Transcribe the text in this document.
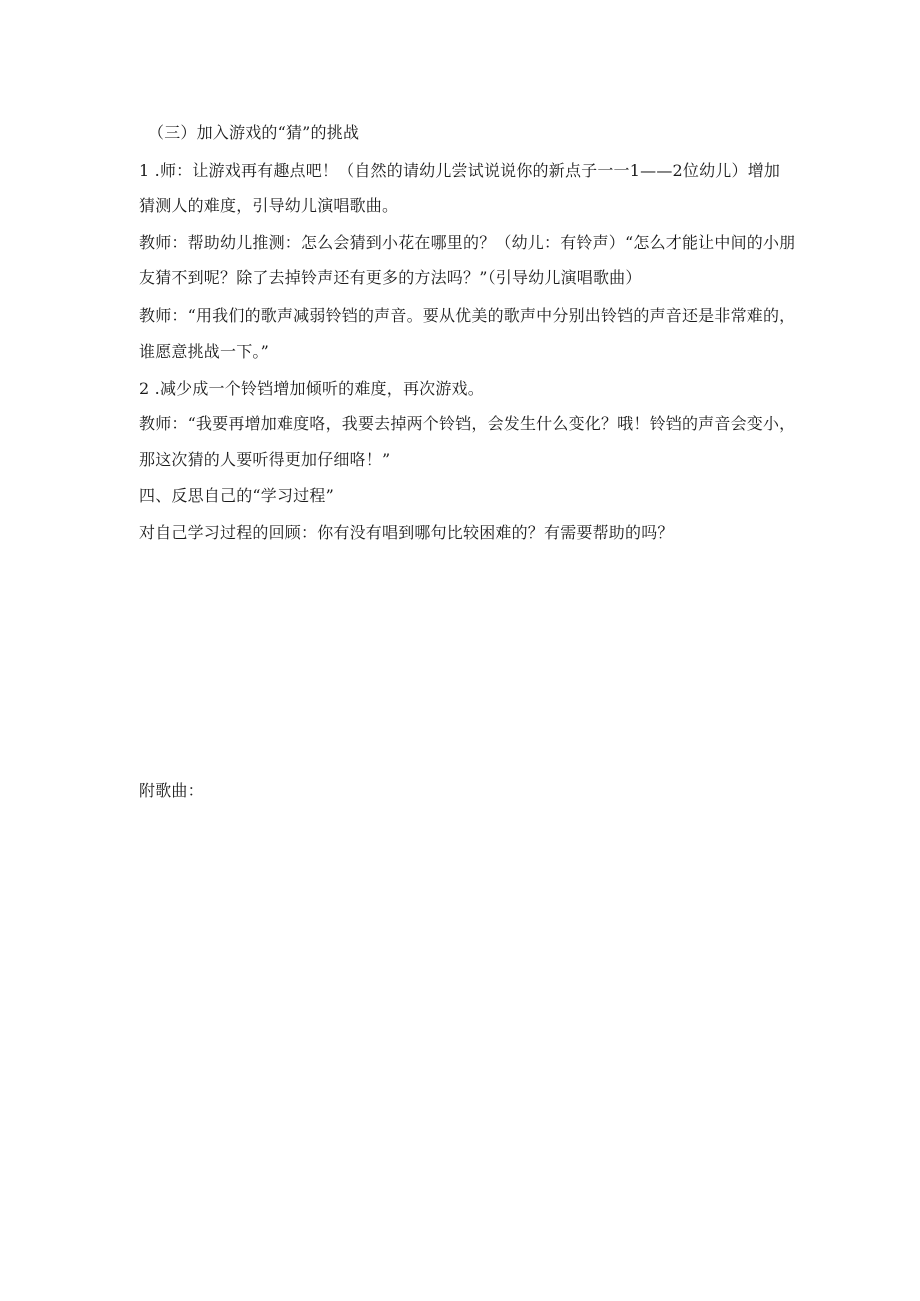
（三）加入游戏的“猜”的挑战
1 .师：让游戏再有趣点吧！（自然的请幼儿尝试说说你的新点子一一1——2位幼儿）增加
猜测人的难度，引导幼儿演唱歌曲。
教师：帮助幼儿推测：怎么会猜到小花在哪里的？（幼儿：有铃声）“怎么才能让中间的小朋
友猜不到呢？除了去掉铃声还有更多的方法吗？”（引导幼儿演唱歌曲）
教师：“用我们的歌声减弱铃铛的声音。要从优美的歌声中分别出铃铛的声音还是非常难的，
谁愿意挑战一下。”
2 .减少成一个铃铛增加倾听的难度，再次游戏。
教师：“我要再增加难度咯，我要去掉两个铃铛，会发生什么变化？哦！铃铛的声音会变小，
那这次猜的人要听得更加仔细咯！”
四、反思自己的“学习过程”
对自己学习过程的回顾：你有没有唱到哪句比较困难的？有需要帮助的吗？
附歌曲：
